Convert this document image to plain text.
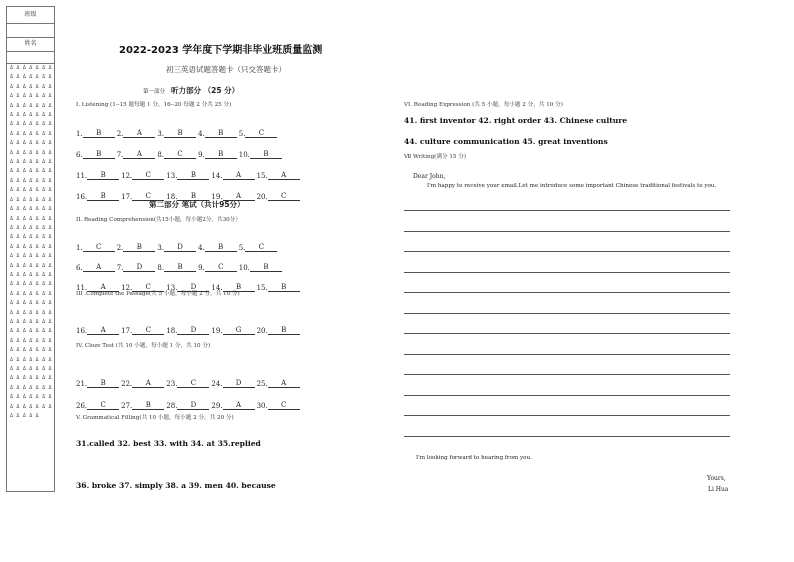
班级
姓名
Δ Δ Δ Δ Δ Δ Δ
Δ Δ Δ Δ Δ Δ Δ
Δ Δ Δ Δ Δ Δ Δ
Δ Δ Δ Δ Δ Δ Δ
Δ Δ Δ Δ Δ Δ Δ
Δ Δ Δ Δ Δ Δ Δ
Δ Δ Δ Δ Δ Δ Δ
Δ Δ Δ Δ Δ Δ Δ
Δ Δ Δ Δ Δ Δ Δ
Δ Δ Δ Δ Δ Δ Δ
Δ Δ Δ Δ Δ Δ Δ
Δ Δ Δ Δ Δ Δ Δ
Δ Δ Δ Δ Δ Δ Δ
Δ Δ Δ Δ Δ Δ Δ
Δ Δ Δ Δ Δ Δ Δ
Δ Δ Δ Δ Δ Δ Δ
Δ Δ Δ Δ Δ Δ Δ
Δ Δ Δ Δ Δ Δ Δ
Δ Δ Δ Δ Δ Δ Δ
Δ Δ Δ Δ Δ Δ Δ
Δ Δ Δ Δ Δ Δ Δ
Δ Δ Δ Δ Δ Δ Δ
Δ Δ Δ Δ Δ Δ Δ
Δ Δ Δ Δ Δ Δ Δ
Δ Δ Δ Δ Δ Δ Δ
Δ Δ Δ Δ Δ Δ Δ
Δ Δ Δ Δ Δ Δ Δ
Δ Δ Δ Δ Δ Δ Δ
Δ Δ Δ Δ Δ Δ Δ
Δ Δ Δ Δ Δ Δ Δ
Δ Δ Δ Δ Δ Δ Δ
Δ Δ Δ Δ Δ Δ Δ
Δ Δ Δ Δ Δ Δ Δ
Δ Δ Δ Δ Δ Δ Δ
Δ Δ Δ Δ Δ Δ Δ
Δ Δ Δ Δ Δ Δ Δ
Δ Δ Δ Δ Δ Δ Δ
Δ Δ Δ Δ Δ

2022-2023 学年度下学期非毕业班质量监测
初三英语试题答题卡（只交答题卡）
第一部分 听力部分 （25 分）
I. Listening (1--15 题每题 1 分，16--20 每题 2 分共 25 分)
1.	B	2.	A	3.	B	4.	B	5.	C
6.	B	7.	A	8.	C	9.	B	10.	B
11.	B	12.	C	13.	B	14.	A	15.	A
16.	B	17.	C	18.	B	19.	A	20.	C
第二部分 笔试（共计95分）
II. Reading Comprehension(共15小题，每小题2分，共30分）
1.	C	2.	B	3.	D	4.	B	5.	C
6.	A	7.	D	8.	B	9.	C	10.	B
11.	A	12.	C	13.	D	14.	B	15.	B
III .Complete the Passage(共 5 小题，每小题 2 分，共 10 分)
16.	A	17.	C	18.	D	19.	G	20.	B
IV. Cloze Test (共 10 小题，每小题 1 分，共 10 分)
21.	B	22.	A	23.	C	24.	D	25.	A
26.	C	27.	B	28.	D	29.	A	30.	C
V. Grammatical Filling(共 10 小题，每小题 2 分，共 20 分)
31.called 32. best 33. with 34. at 35.replied
36. broke 37. simply 38. a 39. men 40. because
VI. Reading Expression (共 5 小题，每小题 2 分，共 10 分)
41. first inventor 42. right order 43. Chinese culture
44. culture communication 45. great inventions
Ⅶ Writing(满分 15 分)
Dear John,
I'm happy to receive your email.Let me introduce some important Chinese traditional festivals to you.
I'm looking forward to hearing from you.
Yours,
Li Hua
